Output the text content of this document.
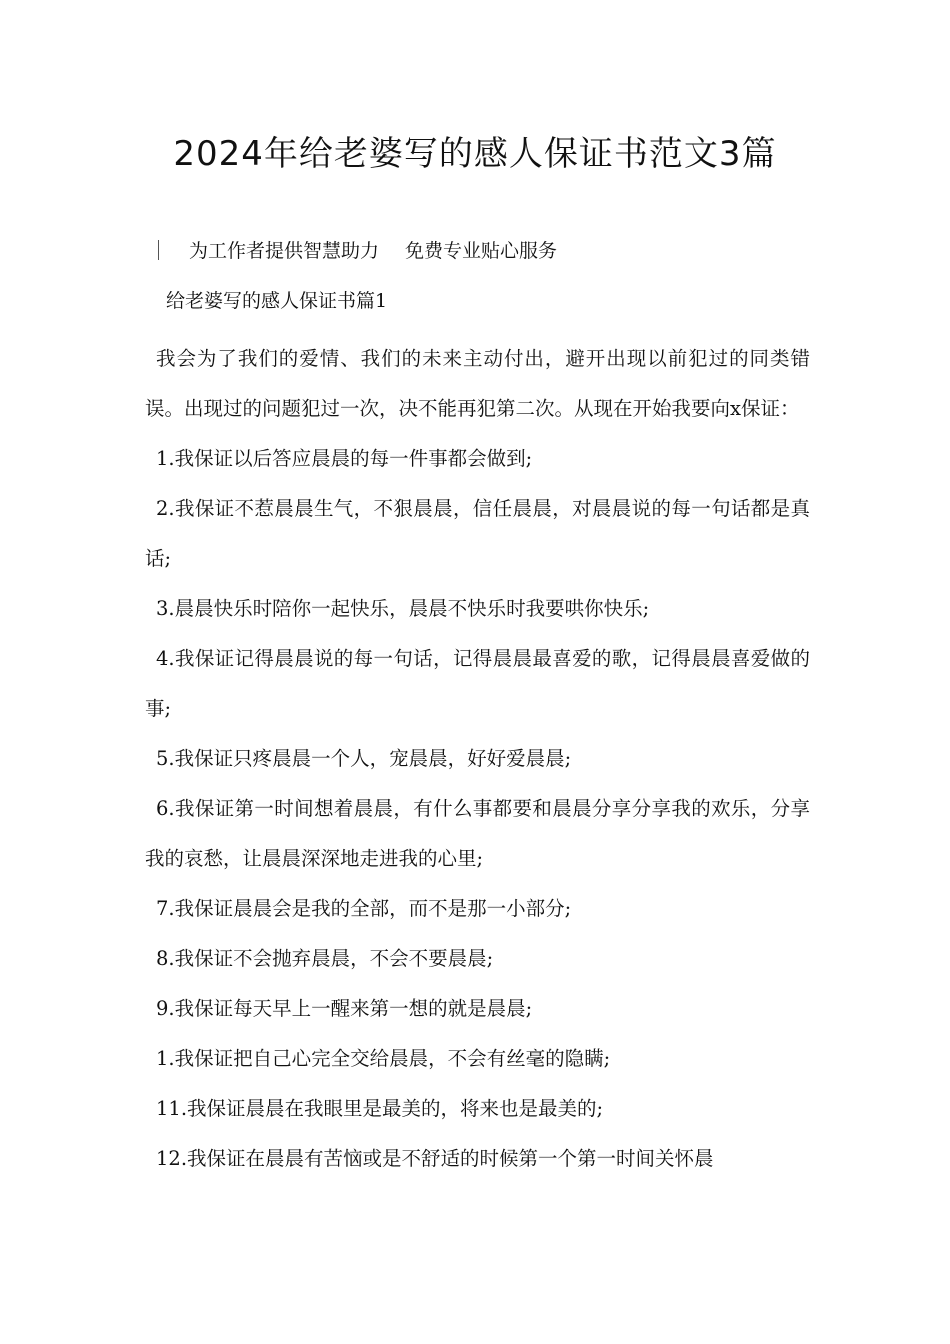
2024年给老婆写的感人保证书范文3篇
为工作者提供智慧助力 免费专业贴心服务
给老婆写的感人保证书篇1

我会为了我们的爱情、我们的未来主动付出，避开出现以前犯过的同类错误。出现过的问题犯过一次，决不能再犯第二次。从现在开始我要向x保证：

1.我保证以后答应晨晨的每一件事都会做到;

2.我保证不惹晨晨生气，不狠晨晨，信任晨晨，对晨晨说的每一句话都是真话;

3.晨晨快乐时陪你一起快乐，晨晨不快乐时我要哄你快乐;

4.我保证记得晨晨说的每一句话，记得晨晨最喜爱的歌，记得晨晨喜爱做的事;

5.我保证只疼晨晨一个人，宠晨晨，好好爱晨晨;

6.我保证第一时间想着晨晨，有什么事都要和晨晨分享分享我的欢乐，分享我的哀愁，让晨晨深深地走进我的心里;

7.我保证晨晨会是我的全部，而不是那一小部分;

8.我保证不会抛弃晨晨，不会不要晨晨;

9.我保证每天早上一醒来第一想的就是晨晨;

1.我保证把自己心完全交给晨晨，不会有丝毫的隐瞒;

11.我保证晨晨在我眼里是最美的，将来也是最美的;

12.我保证在晨晨有苦恼或是不舒适的时候第一个第一时间关怀晨
